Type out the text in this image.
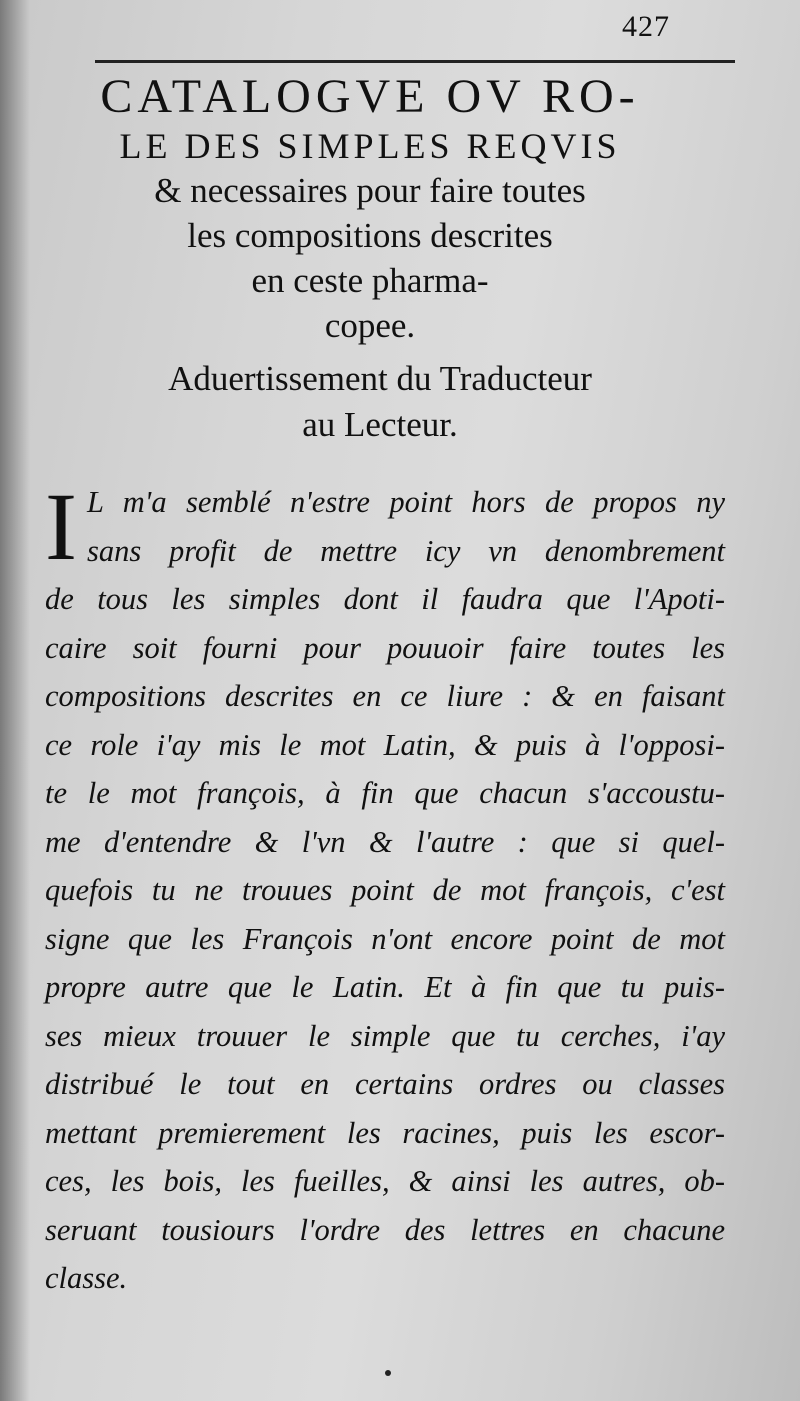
427
CATALOGVE OV RO-
LE DES SIMPLES REQVIS
& necessaires pour faire toutes
les compositions descrites
en ceste pharma-
copee.
Aduertissement du Traducteur
au Lecteur.
I L m'a semblé n'estre point hors de propos ny
sans profit de mettre icy vn denombrement
de tous les simples dont il faudra que l'Apoti-
caire soit fourni pour pouuoir faire toutes les
compositions descrites en ce liure : & en faisant
ce role i'ay mis le mot Latin, & puis à l'opposi-
te le mot françois, à fin que chacun s'accoustu-
me d'entendre & l'vn & l'autre : que si quel-
quefois tu ne trouues point de mot françois, c'est
signe que les François n'ont encore point de mot
propre autre que le Latin. Et à fin que tu puis-
ses mieux trouuer le simple que tu cerches, i'ay
distribué le tout en certains ordres ou classes
mettant premierement les racines, puis les escor-
ces, les bois, les fueilles, & ainsi les autres, ob-
seruant tousiours l'ordre des lettres en chacune
classe.
